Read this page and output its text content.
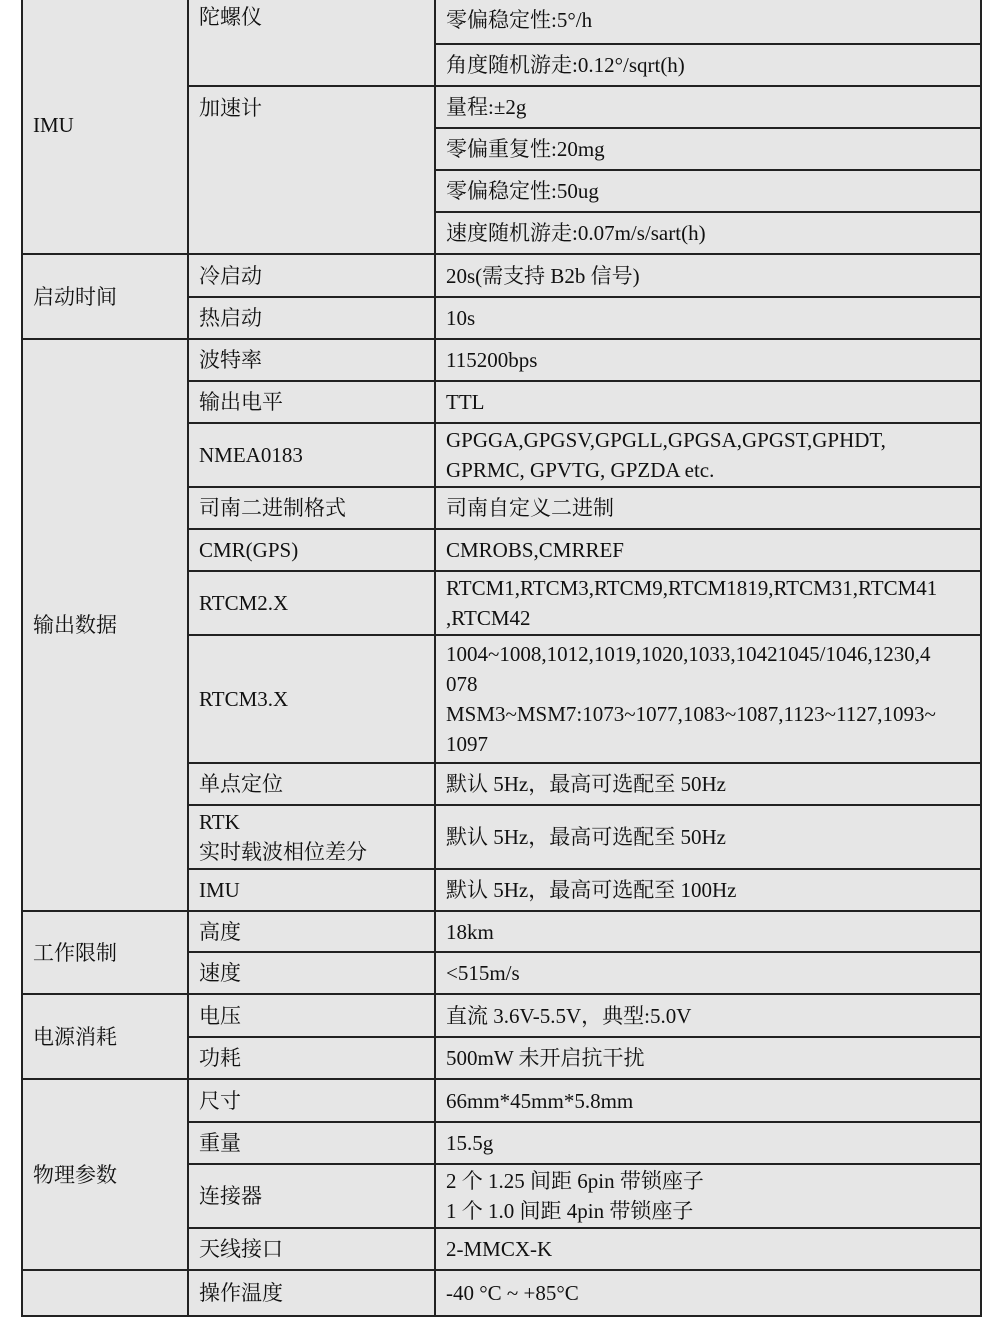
IMU	陀螺仪	零偏稳定性:5°/h

		角度随机游走:0.12°/sqrt(h)

	加速计	量程:±2g

		零偏重复性:20mg

		零偏稳定性:50ug

		速度随机游走:0.07m/s/sart(h)

启动时间	冷启动	20s(需支持 B2b 信号)

	热启动	10s

输出数据	波特率	115200bps

	输出电平	TTL

	NMEA0183	GPGGA,GPGSV,GPGLL,GPGSA,GPGST,GPHDT,
GPRMC, GPVTG, GPZDA etc.

	司南二进制格式	司南自定义二进制

	CMR(GPS)	CMROBS,CMRREF

	RTCM2.X	RTCM1,RTCM3,RTCM9,RTCM1819,RTCM31,RTCM41
,RTCM42

	RTCM3.X	1004~1008,1012,1019,1020,1033,10421045/1046,1230,4
078
MSM3~MSM7:1073~1077,1083~1087,1123~1127,1093~
1097

	单点定位	默认 5Hz，最高可选配至 50Hz

	RTK
实时载波相位差分	默认 5Hz，最高可选配至 50Hz

	IMU	默认 5Hz，最高可选配至 100Hz

工作限制	高度	18km

	速度	<515m/s

电源消耗	电压	直流 3.6V-5.5V，典型:5.0V

	功耗	500mW 未开启抗干扰

物理参数	尺寸	66mm*45mm*5.8mm

	重量	15.5g

	连接器	2 个 1.25 间距 6pin 带锁座子
1 个 1.0 间距 4pin 带锁座子

	天线接口	2-MMCX-K

	操作温度	-40 °C ~ +85°C
